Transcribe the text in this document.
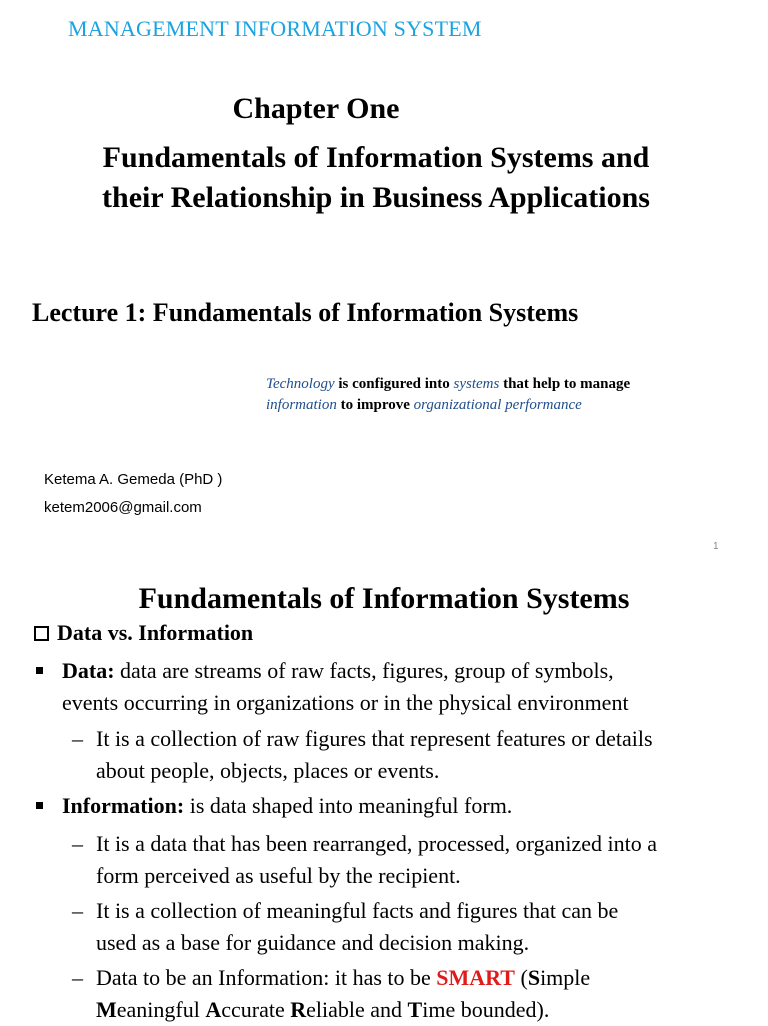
MANAGEMENT INFORMATION SYSTEM
Chapter One
Fundamentals of Information Systems and
their Relationship in Business Applications
Lecture 1: Fundamentals of Information Systems
Technology is configured into systems that help to manage
information to improve organizational performance
Ketema A. Gemeda (PhD )
ketem2006@gmail.com
1
Fundamentals of Information Systems
Data vs. Information
Data: data are streams of raw facts, figures, group of symbols,
events occurring in organizations or in the physical environment
– It is a collection of raw figures that represent features or details
about people, objects, places or events.
Information: is data shaped into meaningful form.
– It is a data that has been rearranged, processed, organized into a
form perceived as useful by the recipient.
– It is a collection of meaningful facts and figures that can be
used as a base for guidance and decision making.
– Data to be an Information: it has to be SMART (Simple
Meaningful Accurate Reliable and Time bounded).
